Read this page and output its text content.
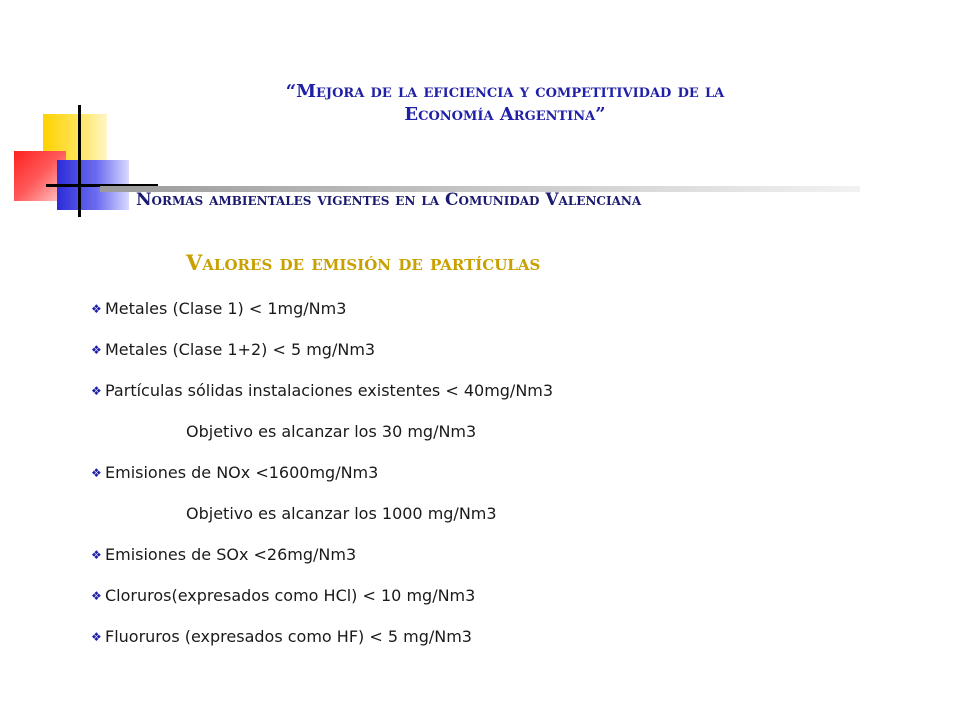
“Mejora de la eficiencia y competitividad de la
Economía Argentina”
Normas ambientales vigentes en la Comunidad Valenciana
Valores de emisión de partículas
❖ Metales (Clase 1) < 1mg/Nm3
❖ Metales (Clase 1+2) < 5 mg/Nm3
❖ Partículas sólidas instalaciones existentes < 40mg/Nm3
Objetivo es alcanzar los 30 mg/Nm3
❖ Emisiones de NOx <1600mg/Nm3
Objetivo es alcanzar los 1000 mg/Nm3
❖ Emisiones de SOx <26mg/Nm3
❖ Cloruros(expresados como HCl) < 10 mg/Nm3
❖ Fluoruros (expresados como HF) < 5 mg/Nm3
